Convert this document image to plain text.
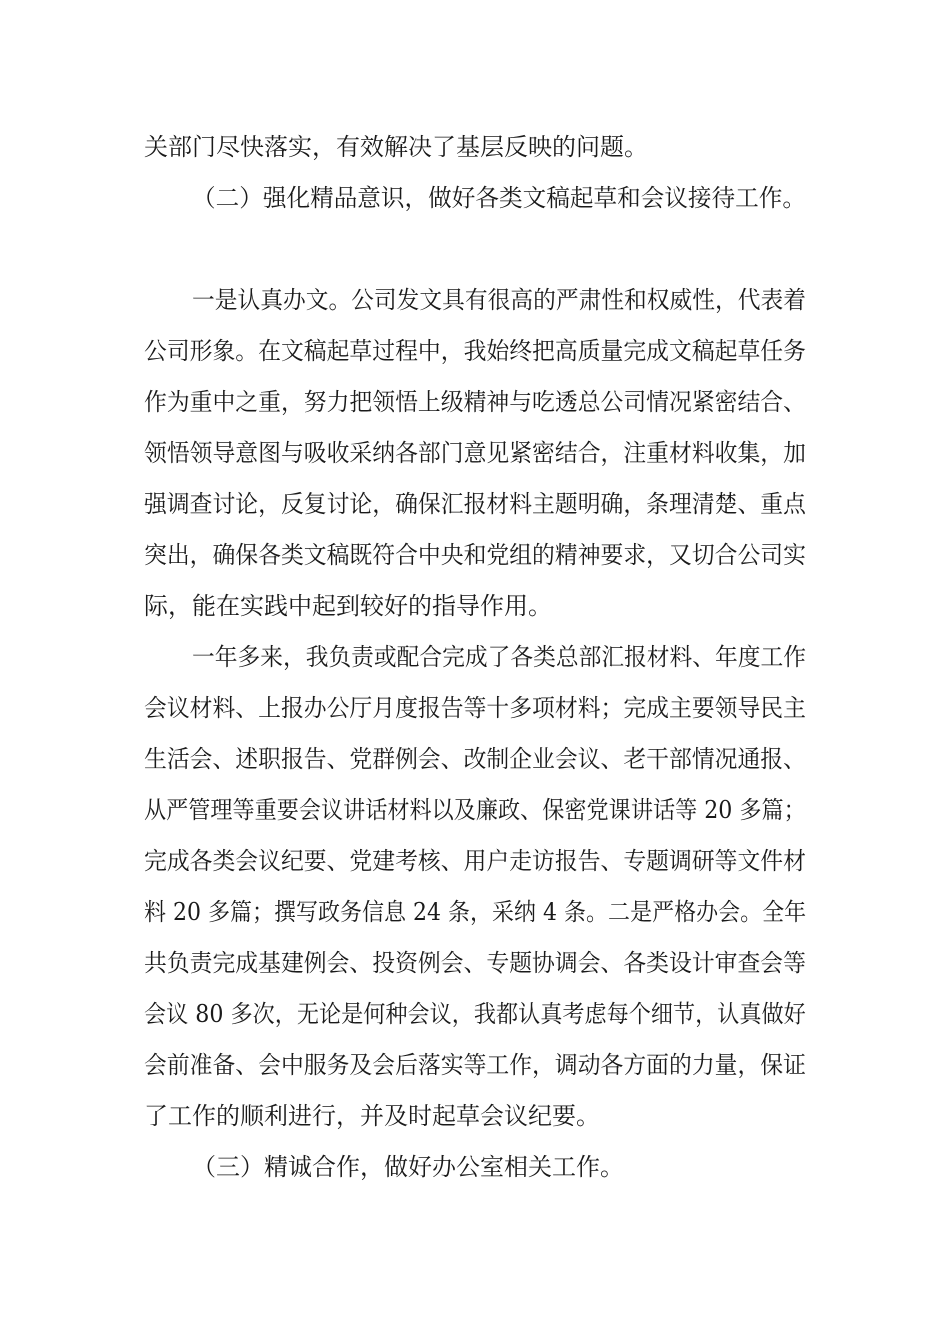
关部门尽快落实，有效解决了基层反映的问题。
（二）强化精品意识，做好各类文稿起草和会议接待工作。
一是认真办文。公司发文具有很高的严肃性和权威性，代表着
公司形象。在文稿起草过程中，我始终把高质量完成文稿起草任务
作为重中之重，努力把领悟上级精神与吃透总公司情况紧密结合、
领悟领导意图与吸收采纳各部门意见紧密结合，注重材料收集，加
强调查讨论，反复讨论，确保汇报材料主题明确，条理清楚、重点
突出，确保各类文稿既符合中央和党组的精神要求，又切合公司实
际，能在实践中起到较好的指导作用。
一年多来，我负责或配合完成了各类总部汇报材料、年度工作
会议材料、上报办公厅月度报告等十多项材料；完成主要领导民主
生活会、述职报告、党群例会、改制企业会议、老干部情况通报、
从严管理等重要会议讲话材料以及廉政、保密党课讲话等 20 多篇；
完成各类会议纪要、党建考核、用户走访报告、专题调研等文件材
料 20 多篇；撰写政务信息 24 条，采纳 4 条。二是严格办会。全年
共负责完成基建例会、投资例会、专题协调会、各类设计审查会等
会议 80 多次，无论是何种会议，我都认真考虑每个细节，认真做好
会前准备、会中服务及会后落实等工作，调动各方面的力量，保证
了工作的顺利进行，并及时起草会议纪要。
（三）精诚合作，做好办公室相关工作。
